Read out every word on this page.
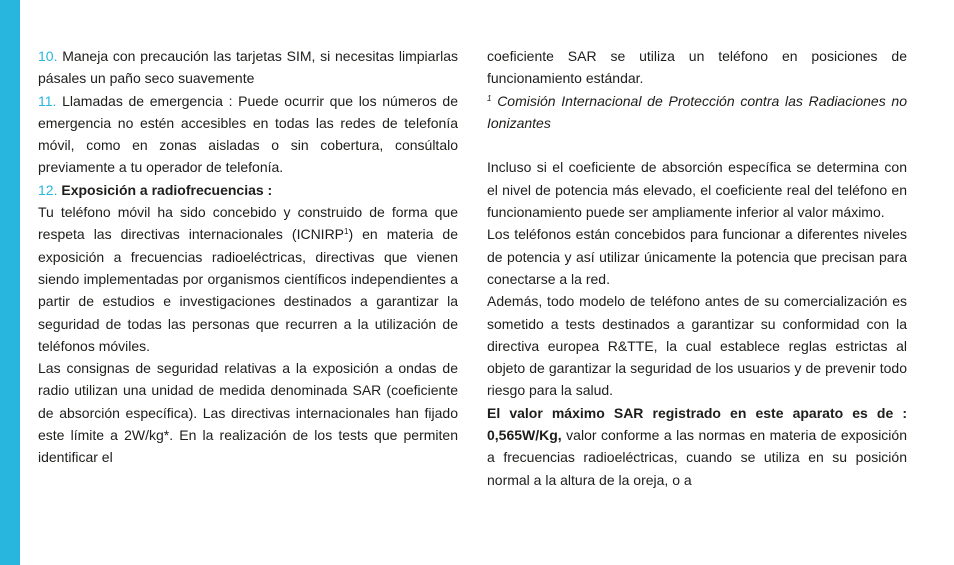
10. Maneja con precaución las tarjetas SIM, si necesitas limpiarlas pásales un paño seco suavemente

11. Llamadas de emergencia : Puede ocurrir que los números de emergencia no estén accesibles en todas las redes de telefonía móvil, como en zonas aisladas o sin cobertura, consúltalo previamente a tu operador de telefonía.

12. Exposición a radiofrecuencias :

Tu teléfono móvil ha sido concebido y construido de forma que respeta las directivas internacionales (ICNIRP$^1$) en materia de exposición a frecuencias radioeléctricas, directivas que vienen siendo implementadas por organismos científicos independientes a partir de estudios e investigaciones destinados a garantizar la seguridad de todas las personas que recurren a la utilización de teléfonos móviles.

Las consignas de seguridad relativas a la exposición a ondas de radio utilizan una unidad de medida denominada SAR (coeficiente de absorción específica). Las directivas internacionales han fijado este límite a 2W/kg*. En la realización de los tests que permiten identificar el

coeficiente SAR se utiliza un teléfono en posiciones de funcionamiento estándar.

$^1$ Comisión Internacional de Protección contra las Radiaciones no Ionizantes

Incluso si el coeficiente de absorción específica se determina con el nivel de potencia más elevado, el coeficiente real del teléfono en funcionamiento puede ser ampliamente inferior al valor máximo.

Los teléfonos están concebidos para funcionar a diferentes niveles de potencia y así utilizar únicamente la potencia que precisan para conectarse a la red.

Además, todo modelo de teléfono antes de su comercialización es sometido a tests destinados a garantizar su conformidad con la directiva europea R&TTE, la cual establece reglas estrictas al objeto de garantizar la seguridad de los usuarios y de prevenir todo riesgo para la salud.

El valor máximo SAR registrado en este aparato es de : 0,565W/Kg, valor conforme a las normas en materia de exposición a frecuencias radioeléctricas, cuando se utiliza en su posición normal a la altura de la oreja, o a
